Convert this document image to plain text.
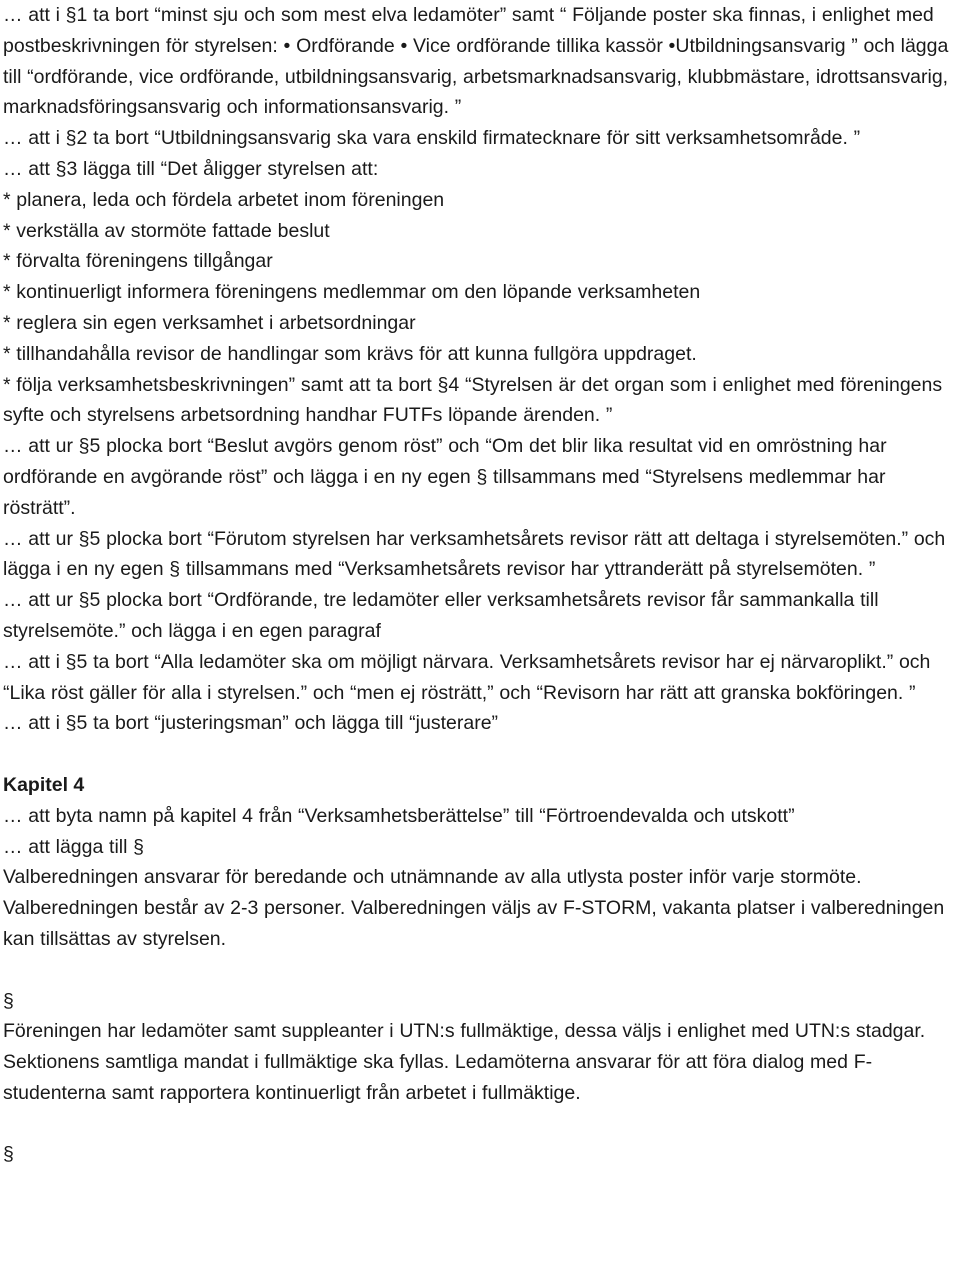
… att i §1 ta bort “minst sju och som mest elva ledamöter” samt “ Följande poster ska finnas, i enlighet med postbeskrivningen för styrelsen: • Ordförande • Vice ordförande tillika kassör •Utbildningsansvarig ” och lägga till “ordförande, vice ordförande, utbildningsansvarig, arbetsmarknadsansvarig, klubbmästare, idrottsansvarig, marknadsföringsansvarig och informationsansvarig. ”

… att i §2 ta bort “Utbildningsansvarig ska vara enskild firmatecknare för sitt verksamhetsområde. ”

… att §3 lägga till “Det åligger styrelsen att:

* planera, leda och fördela arbetet inom föreningen

* verkställa av stormöte fattade beslut

* förvalta föreningens tillgångar

* kontinuerligt informera föreningens medlemmar om den löpande verksamheten

* reglera sin egen verksamhet i arbetsordningar

* tillhandahålla revisor de handlingar som krävs för att kunna fullgöra uppdraget.

* följa verksamhetsbeskrivningen” samt att ta bort §4 “Styrelsen är det organ som i enlighet med föreningens syfte och styrelsens arbetsordning handhar FUTFs löpande ärenden. ”

… att ur §5 plocka bort “Beslut avgörs genom röst” och “Om det blir lika resultat vid en omröstning har ordförande en avgörande röst” och lägga i en ny egen § tillsammans med “Styrelsens medlemmar har rösträtt”.

… att ur §5 plocka bort “Förutom styrelsen har verksamhetsårets revisor rätt att deltaga i styrelsemöten.” och lägga i en ny egen § tillsammans med “Verksamhetsårets revisor har yttranderätt på styrelsemöten. ”

… att ur §5 plocka bort “Ordförande, tre ledamöter eller verksamhetsårets revisor får sammankalla till styrelsemöte.” och lägga i en egen paragraf

… att i §5 ta bort “Alla ledamöter ska om möjligt närvara. Verksamhetsårets revisor har ej närvaroplikt.” och “Lika röst gäller för alla i styrelsen.” och “men ej rösträtt,” och “Revisorn har rätt att granska bokföringen. ”

… att i §5 ta bort “justeringsman” och lägga till “justerare”

Kapitel 4

… att byta namn på kapitel 4 från “Verksamhetsberättelse” till “Förtroendevalda och utskott”

… att lägga till §

Valberedningen ansvarar för beredande och utnämnande av alla utlysta poster inför varje stormöte. Valberedningen består av 2-3 personer. Valberedningen väljs av F-STORM, vakanta platser i valberedningen kan tillsättas av styrelsen.

§

Föreningen har ledamöter samt suppleanter i UTN:s fullmäktige, dessa väljs i enlighet med UTN:s stadgar. Sektionens samtliga mandat i fullmäktige ska fyllas. Ledamöterna ansvarar för att föra dialog med F-studenterna samt rapportera kontinuerligt från arbetet i fullmäktige.

§
